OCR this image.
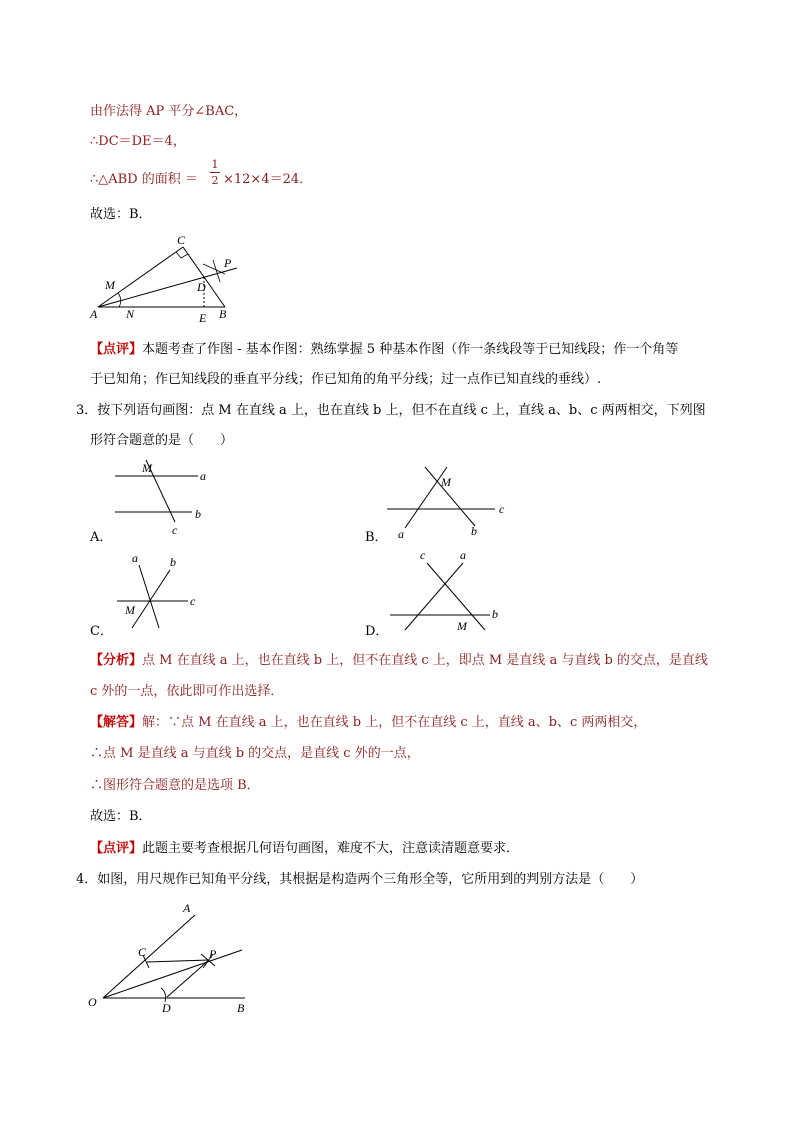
由作法得 AP 平分∠BAC，
∴DC＝DE＝4，
∴△ABD 的面积 ＝
1
2 ×12×4＝24．
故选：B．
C
P
M	D
A N	E B
【点评】本题考查了作图 - 基本作图：熟练掌握 5 种基本作图（作一条线段等于已知线段；作一个角等
于已知角；作已知线段的垂直平分线；作已知角的角平分线；过一点作已知直线的垂线）.
3．按下列语句画图：点 M 在直线 a 上，也在直线 b 上，但不在直线 c 上，直线 a、b、c 两两相交，下列图
形符合题意的是（　　）
M
a
b
c
A．
M
c
a	b
B．
a	b
c
M
C．
c	a
b
M
D．
【分析】点 M 在直线 a 上，也在直线 b 上，但不在直线 c 上，即点 M 是直线 a 与直线 b 的交点，是直线
c 外的一点，依此即可作出选择．
【解答】解：∵点 M 在直线 a 上，也在直线 b 上，但不在直线 c 上，直线 a、b、c 两两相交，
∴点 M 是直线 a 与直线 b 的交点，是直线 c 外的一点，
∴图形符合题意的是选项 B．
故选：B．
【点评】此题主要考查根据几何语句画图，难度不大，注意读清题意要求．
4．如图，用尺规作已知角平分线，其根据是构造两个三角形全等，它所用到的判别方法是（　　）
A
C	P
O	D	B
